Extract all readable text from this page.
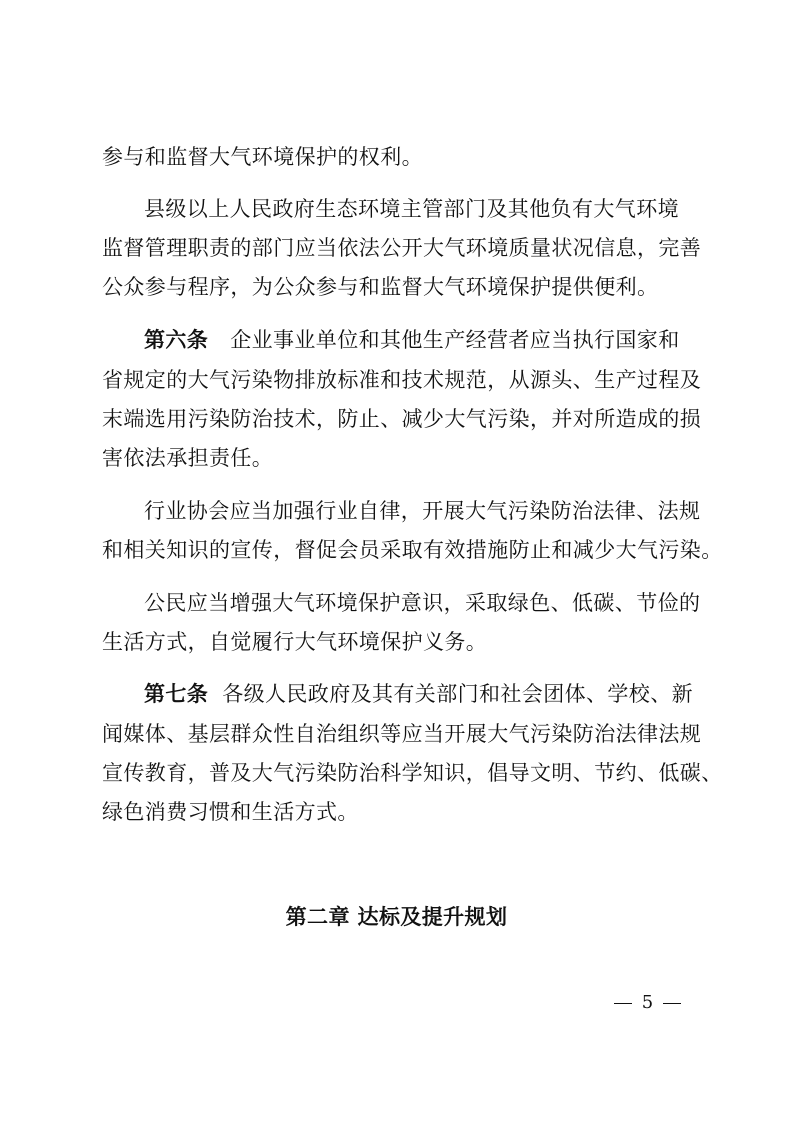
参与和监督大气环境保护的权利。
县级以上人民政府生态环境主管部门及其他负有大气环境
监督管理职责的部门应当依法公开大气环境质量状况信息，完善
公众参与程序，为公众参与和监督大气环境保护提供便利。
第六条 企业事业单位和其他生产经营者应当执行国家和
省规定的大气污染物排放标准和技术规范，从源头、生产过程及
末端选用污染防治技术，防止、减少大气污染，并对所造成的损
害依法承担责任。
行业协会应当加强行业自律，开展大气污染防治法律、法规
和相关知识的宣传，督促会员采取有效措施防止和减少大气污染。
公民应当增强大气环境保护意识，采取绿色、低碳、节俭的
生活方式，自觉履行大气环境保护义务。
第七条 各级人民政府及其有关部门和社会团体、学校、新
闻媒体、基层群众性自治组织等应当开展大气污染防治法律法规
宣传教育，普及大气污染防治科学知识，倡导文明、节约、低碳、
绿色消费习惯和生活方式。
第二章 达标及提升规划
5
